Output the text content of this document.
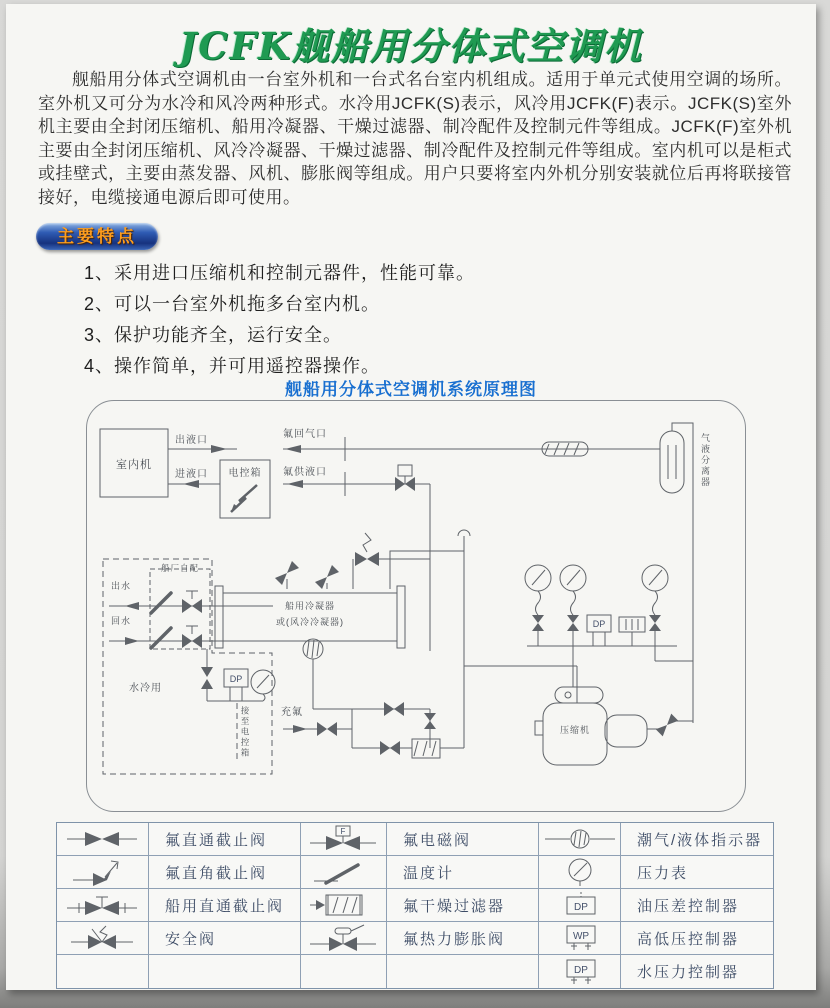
JCFK舰船用分体式空调机
舰船用分体式空调机由一台室外机和一台式名台室内机组成。适用于单元式使用空调的场所。室外机又可分为水冷和风冷两种形式。水冷用JCFK(S)表示，风冷用JCFK(F)表示。JCFK(S)室外机主要由全封闭压缩机、船用冷凝器、干燥过滤器、制冷配件及控制元件等组成。JCFK(F)室外机主要由全封闭压缩机、风冷冷凝器、干燥过滤器、制冷配件及控制元件等组成。室内机可以是柜式或挂壁式，主要由蒸发器、风机、膨胀阀等组成。用户只要将室内外机分别安装就位后再将联接管接好，电缆接通电源后即可使用。
主要特点
1、采用进口压缩机和控制元器件，性能可靠。
2、可以一台室外机拖多台室内机。
3、保护功能齐全，运行安全。
4、操作简单，并可用遥控器操作。
舰船用分体式空调机系统原理图
DP
DP
室内机
出液口
进液口	电控箱
氟回气口
氟供液口	气液分离器
出水
回水
船厂自配
水冷用
船用冷凝器
或(风冷冷凝器)
充氟
接至电控箱	压缩机
氟直通截止阀	F	氟电磁阀	潮气/液体指示器
氟直角截止阀	温度计	压力表
船用直通截止阀	氟干燥过滤器	DP	油压差控制器
安全阀	氟热力膨胀阀	WP	高低压控制器
DP	水压力控制器
